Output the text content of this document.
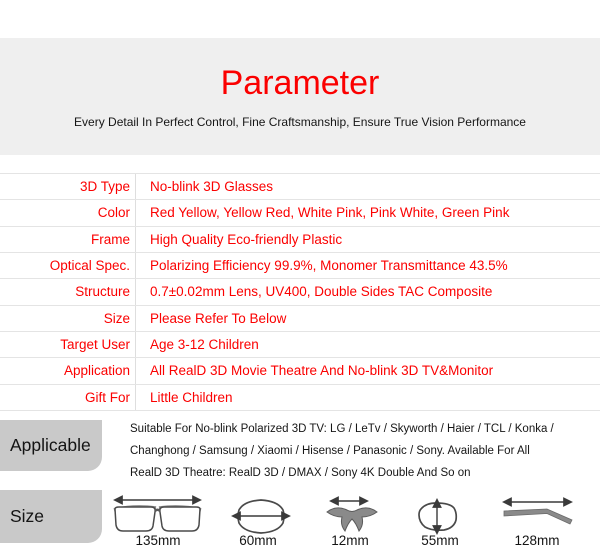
Parameter

Every Detail In Perfect Control, Fine Craftsmanship, Ensure True Vision Performance

3D Type	No-blink 3D Glasses
Color	Red Yellow, Yellow Red, White Pink, Pink White, Green Pink
Frame	High Quality Eco-friendly Plastic
Optical Spec.	Polarizing Efficiency 99.9%, Monomer Transmittance 43.5%
Structure	0.7±0.02mm Lens, UV400, Double Sides TAC Composite
Size	Please Refer To Below
Target User	Age 3-12 Children
Application	All RealD 3D Movie Theatre And No-blink 3D TV&Monitor
Gift For	Little Children
Applicable
Suitable For No-blink Polarized 3D TV: LG / LeTv / Skyworth / Haier / TCL / Konka /
Changhong / Samsung / Xiaomi / Hisense / Panasonic / Sony. Available For All
RealD 3D Theatre: RealD 3D / DMAX / Sony 4K Double And So on
Size
135mm	60mm	12mm	55mm	128mm
